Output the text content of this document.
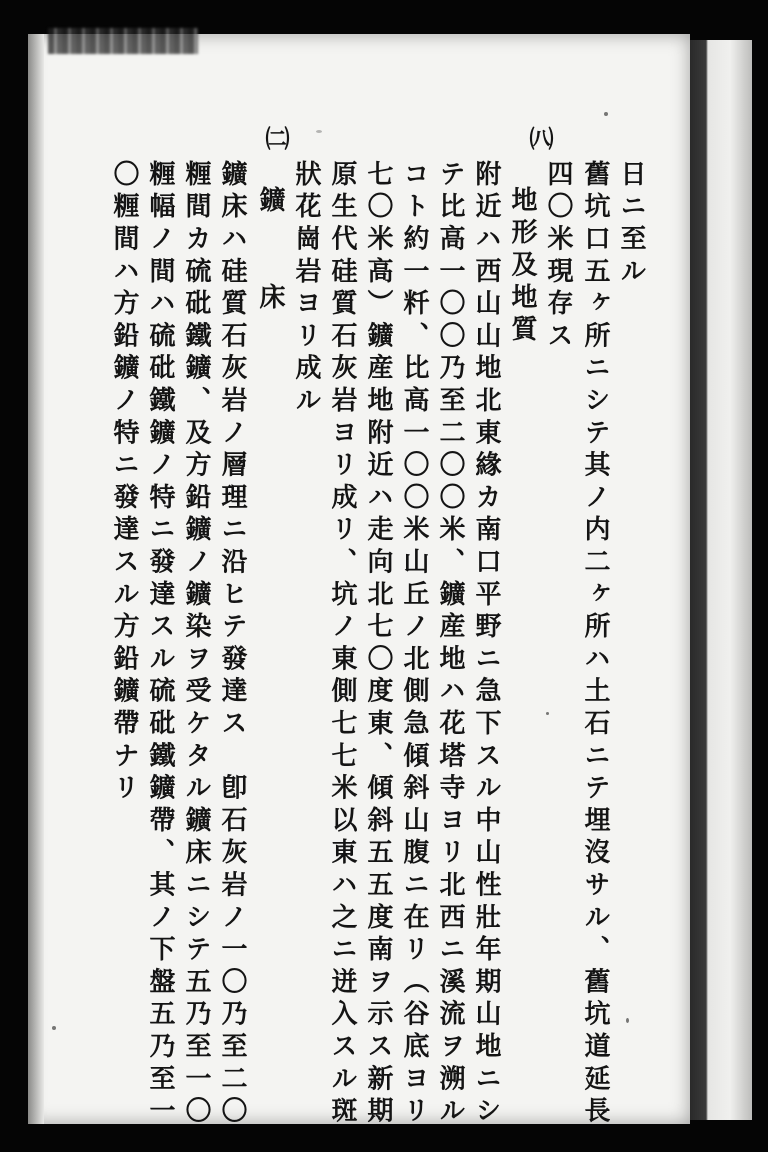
日ニ至ル
舊坑口五ヶ所ニシテ其ノ内二ヶ所ハ土石ニテ埋沒サル、舊坑道延長
四〇米現存ス
㈧
地形及地質
附近ハ西山山地北東緣カ南口平野ニ急下スル中山性壯年期山地ニシ
テ比高一〇〇乃至二〇〇米、鑛産地ハ花塔寺ヨリ北西ニ溪流ヲ溯ル
コト約一粁、比高一〇〇米山丘ノ北側急傾斜山腹ニ在リ（谷底ヨリ
七〇米高）鑛産地附近ハ走向北七〇度東、傾斜五五度南ヲ示ス新期
原生代硅質石灰岩ヨリ成リ、坑ノ東側七七米以東ハ之ニ迸入スル斑
狀花崗岩ヨリ成ル
㈡
鑛　　床
鑛床ハ硅質石灰岩ノ層理ニ沿ヒテ發達ス　卽石灰岩ノ一〇乃至二〇
糎間カ硫砒鐵鑛、及方鉛鑛ノ鑛染ヲ受ケタル鑛床ニシテ五乃至一〇
糎幅ノ間ハ硫砒鐵鑛ノ特ニ發達スル硫砒鐵鑛帶、其ノ下盤五乃至一
〇糎間ハ方鉛鑛ノ特ニ發達スル方鉛鑛帶ナリ
